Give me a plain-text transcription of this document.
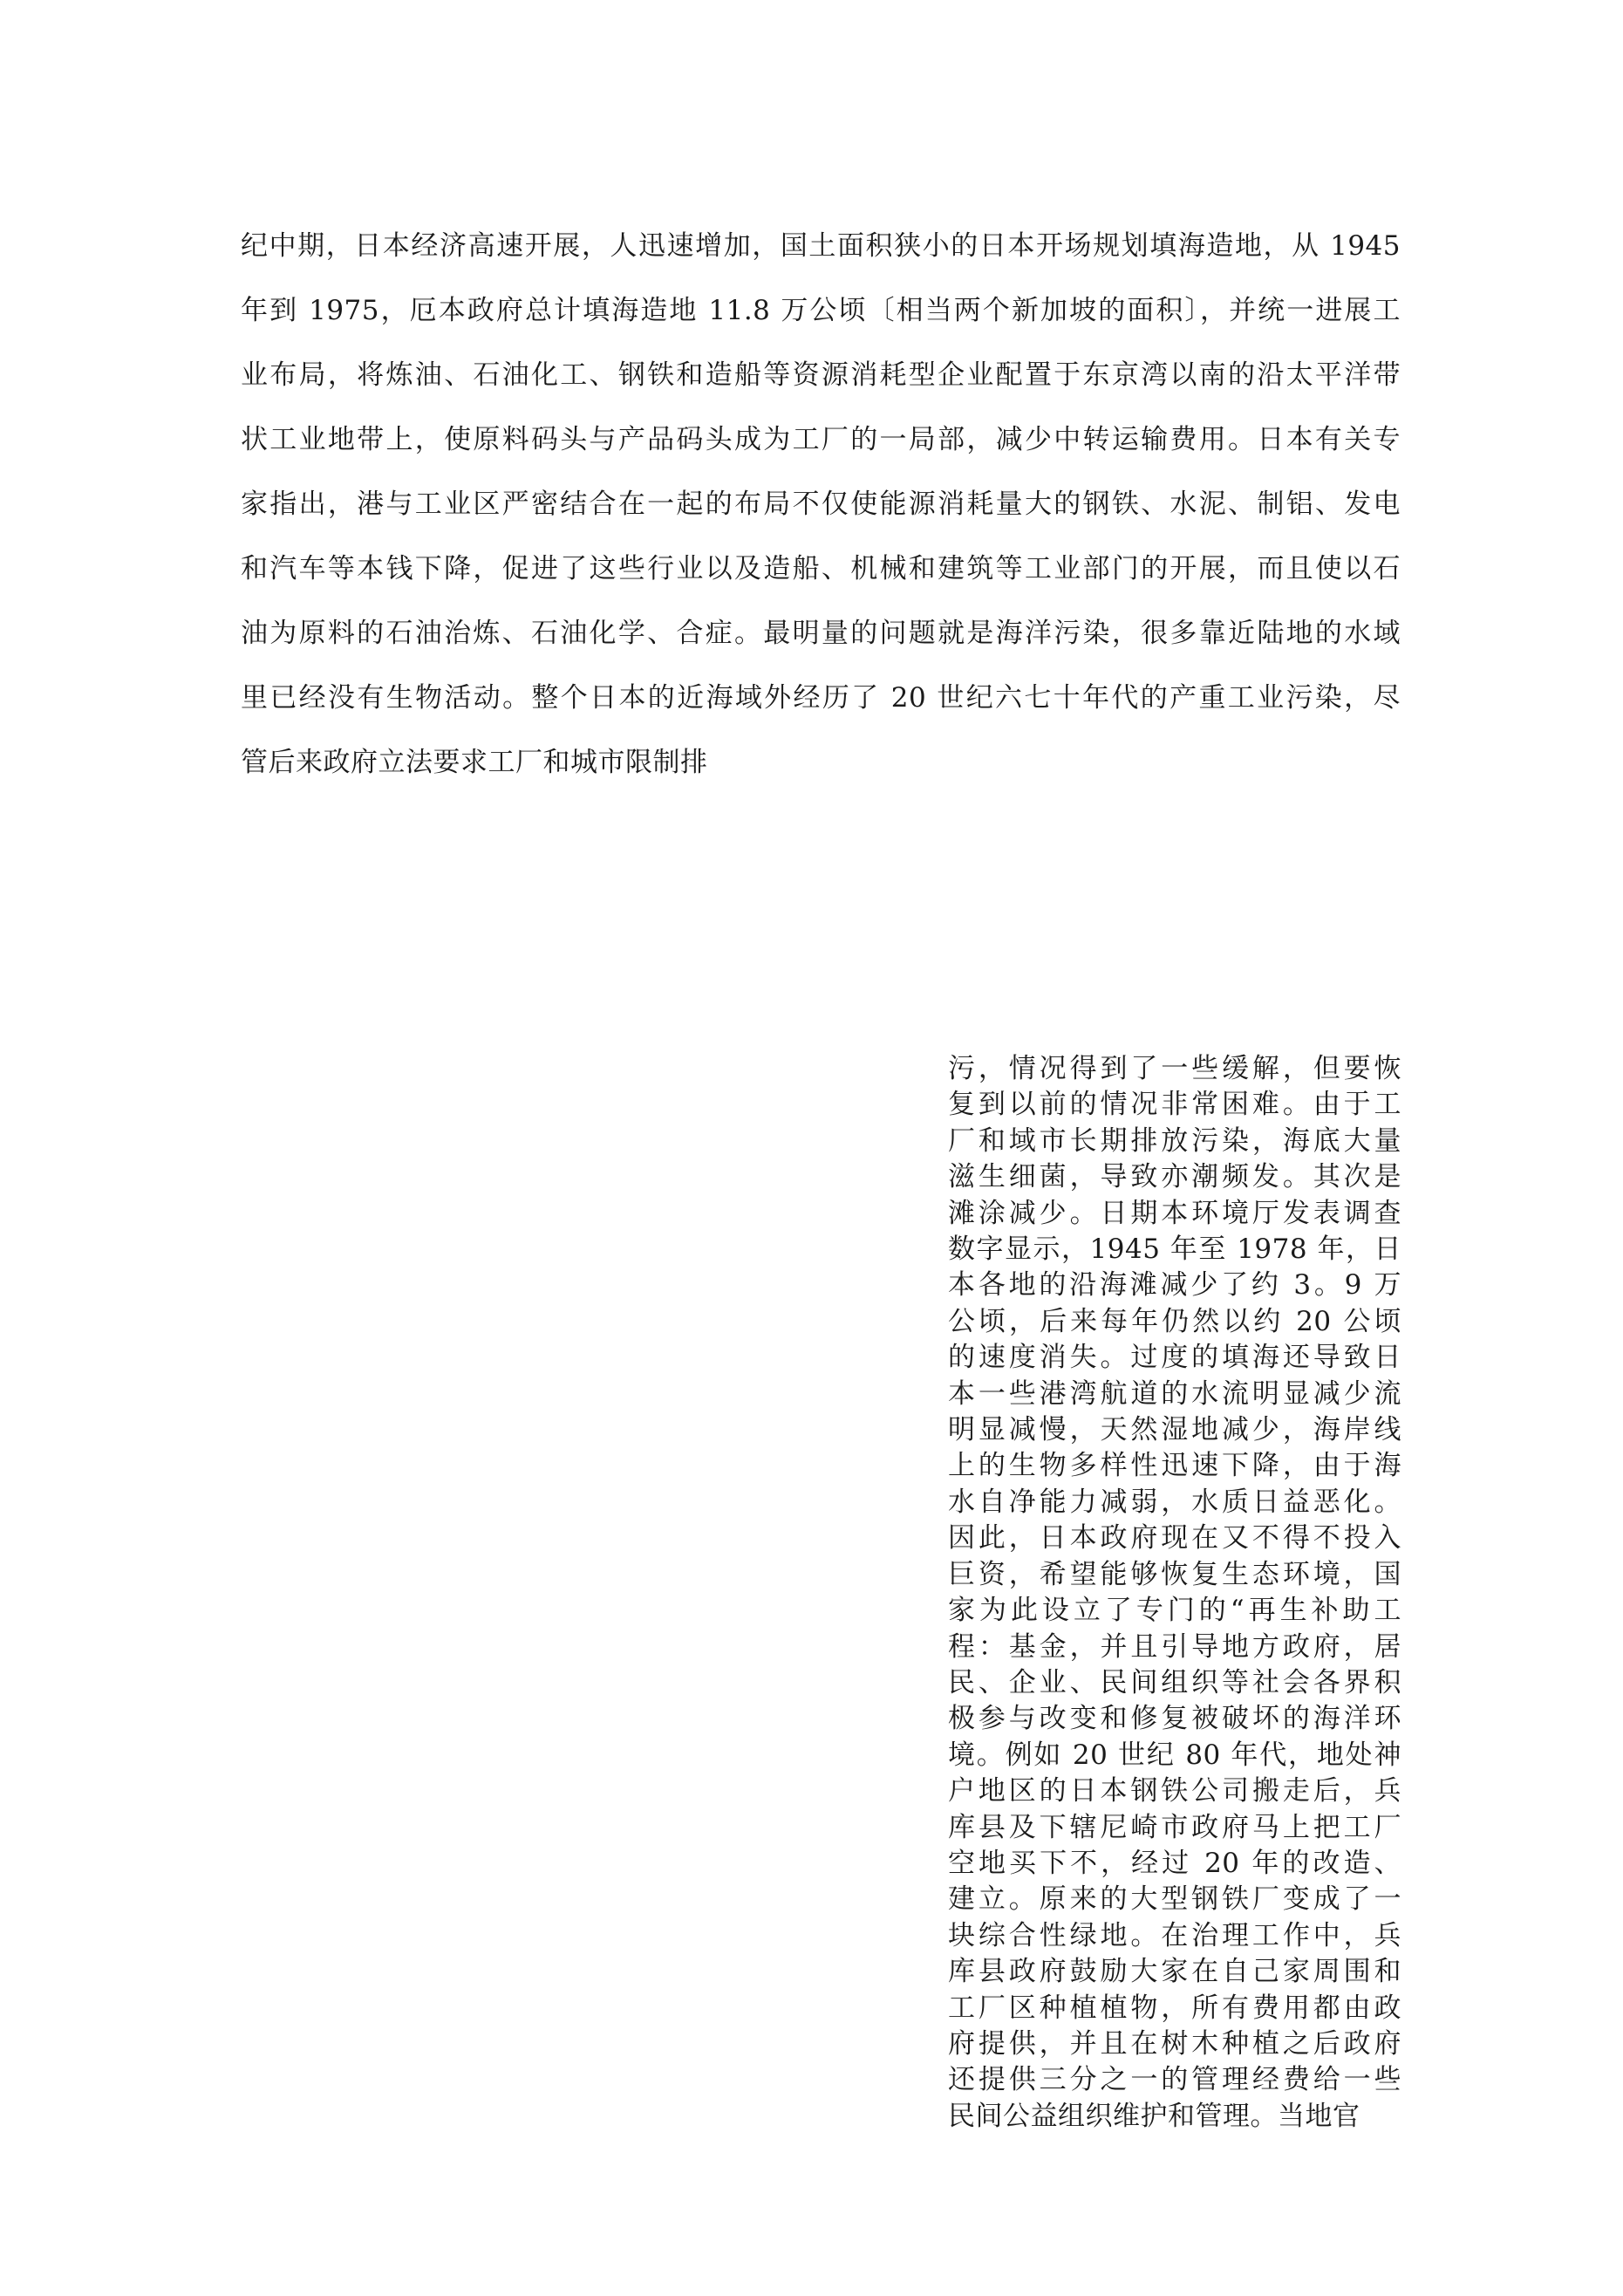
纪中期，日本经济高速开展，人迅速增加，国土面积狭小的日本开场规划填海造地，从 1945
年到 1975，厄本政府总计填海造地 11.8 万公顷〔相当两个新加坡的面积〕，并统一进展工
业布局，将炼油、石油化工、钢铁和造船等资源消耗型企业配置于东京湾以南的沿太平洋带
状工业地带上，使原料码头与产品码头成为工厂的一局部，减少中转运输费用。日本有关专
家指出，港与工业区严密结合在一起的布局不仅使能源消耗量大的钢铁、水泥、制铝、发电
和汽车等本钱下降，促进了这些行业以及造船、机械和建筑等工业部门的开展，而且使以石
油为原料的石油治炼、石油化学、合症。最明量的问题就是海洋污染，很多靠近陆地的水域
里已经没有生物活动。整个日本的近海域外经历了 20 世纪六七十年代的产重工业污染，尽
管后来政府立法要求工厂和城市限制排
污，情况得到了一些缓解，但要恢
复到以前的情况非常困难。由于工
厂和域市长期排放污染，海底大量
滋生细菌，导致亦潮频发。其次是
滩涂减少。日期本环境厅发表调查
数字显示，1945 年至 1978 年，日
本各地的沿海滩减少了约 3。9 万
公顷，后来每年仍然以约 20 公顷
的速度消失。过度的填海还导致日
本一些港湾航道的水流明显减少流
明显减慢，天然湿地减少，海岸线
上的生物多样性迅速下降，由于海
水自净能力减弱，水质日益恶化。
因此，日本政府现在又不得不投入
巨资，希望能够恢复生态环境，国
家为此设立了专门的“再生补助工
程：基金，并且引导地方政府，居
民、企业、民间组织等社会各界积
极参与改变和修复被破坏的海洋环
境。例如 20 世纪 80 年代，地处神
户地区的日本钢铁公司搬走后，兵
库县及下辖尼崎市政府马上把工厂
空地买下不，经过 20 年的改造、
建立。原来的大型钢铁厂变成了一
块综合性绿地。在治理工作中，兵
库县政府鼓励大家在自己家周围和
工厂区种植植物，所有费用都由政
府提供，并且在树木种植之后政府
还提供三分之一的管理经费给一些
民间公益组织维护和管理。当地官
